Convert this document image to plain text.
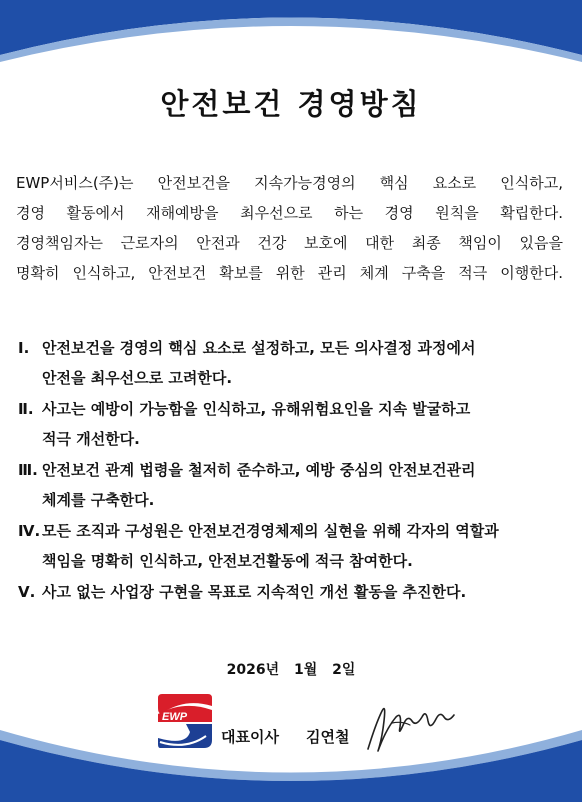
안전보건 경영방침
EWP서비스(주)는 안전보건을 지속가능경영의 핵심 요소로 인식하고,
경영 활동에서 재해예방을 최우선으로 하는 경영 원칙을 확립한다.
경영책임자는 근로자의 안전과 건강 보호에 대한 최종 책임이 있음을
명확히 인식하고, 안전보건 확보를 위한 관리 체계 구축을 적극 이행한다.
Ⅰ. 안전보건을 경영의 핵심 요소로 설정하고, 모든 의사결정 과정에서
안전을 최우선으로 고려한다.
Ⅱ. 사고는 예방이 가능함을 인식하고, 유해위험요인을 지속 발굴하고
적극 개선한다.
Ⅲ. 안전보건 관계 법령을 철저히 준수하고, 예방 중심의 안전보건관리
체계를 구축한다.
Ⅳ. 모든 조직과 구성원은 안전보건경영체제의 실현을 위해 각자의 역할과
책임을 명확히 인식하고, 안전보건활동에 적극 참여한다.
Ⅴ. 사고 없는 사업장 구현을 목표로 지속적인 개선 활동을 추진한다.
2026년 1월 2일
EWP
대표이사 김연철
